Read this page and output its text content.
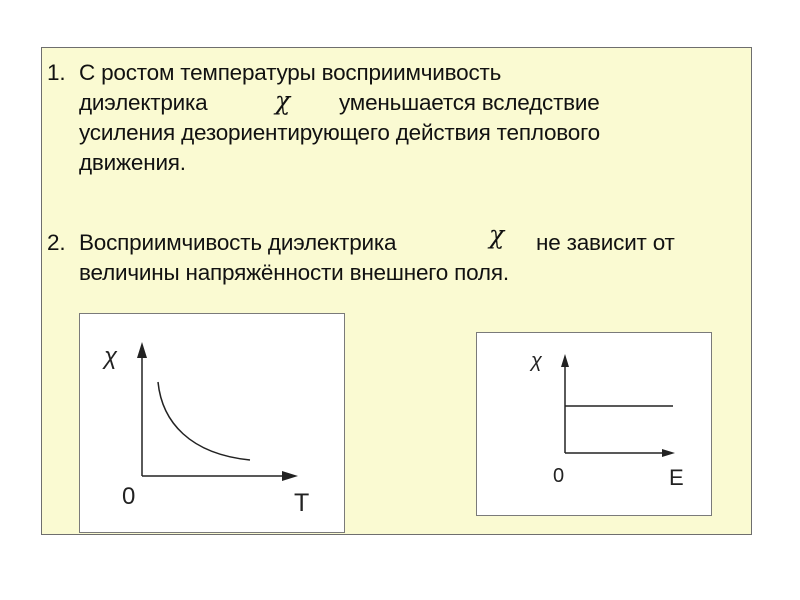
1. С ростом температуры восприимчивость
диэлектрика	χ уменьшается вследствие
усиления дезориентирующего действия теплового
движения.
2. Восприимчивость диэлектрика	χ не зависит от
величины напряжённости внешнего поля.
χ
0	T
χ
0	E
